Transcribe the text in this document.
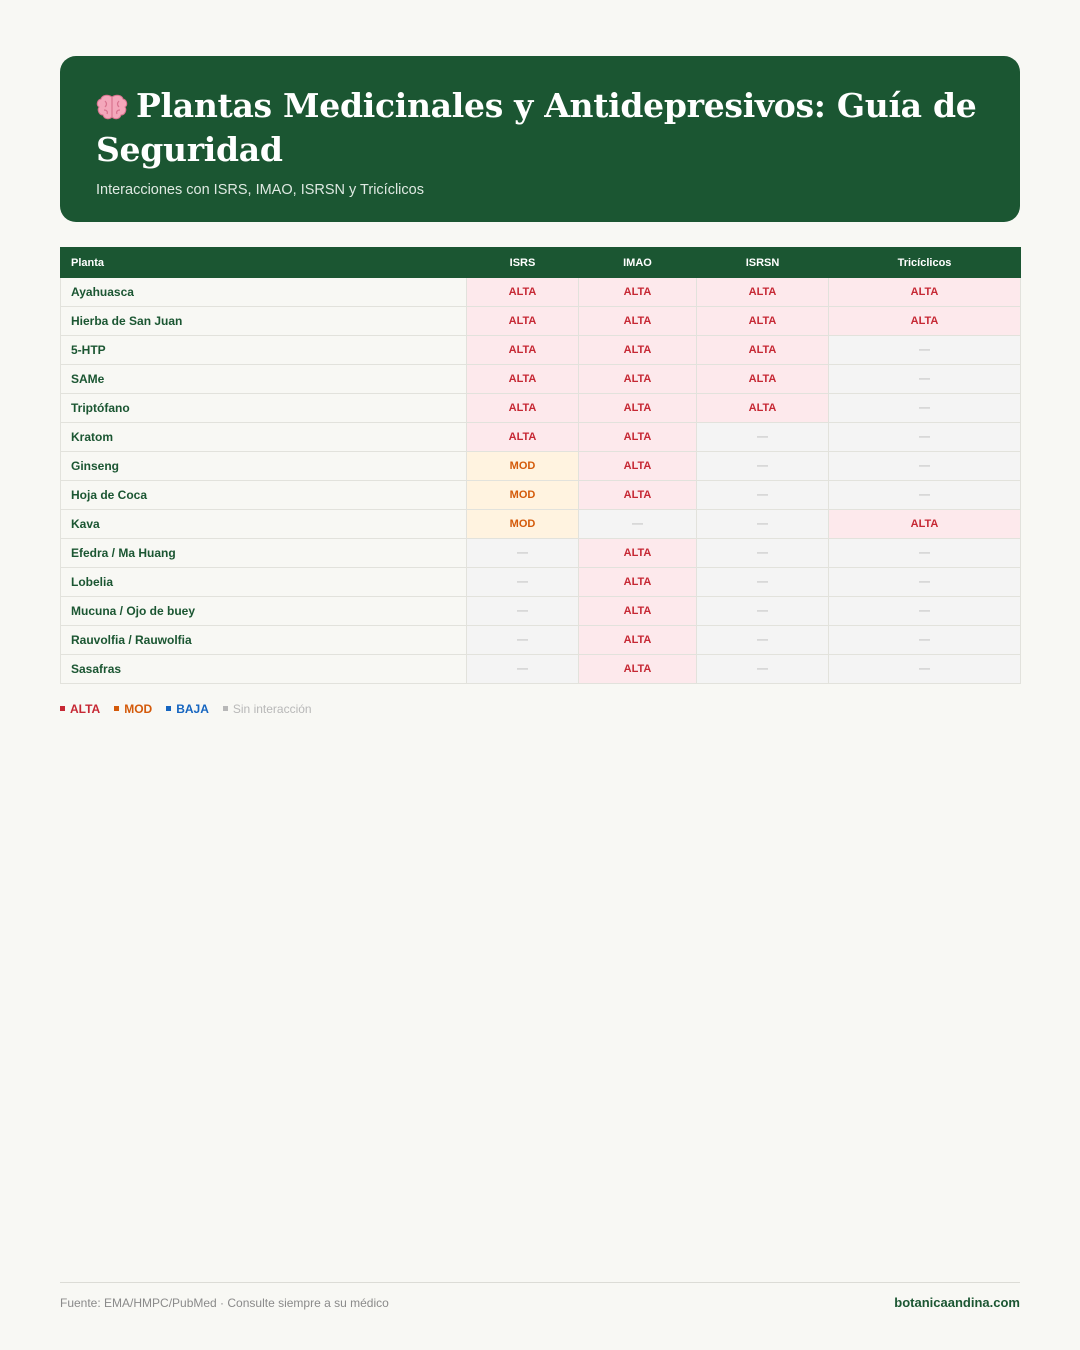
Plantas Medicinales y Antidepresivos: Guía de Seguridad
Interacciones con ISRS, IMAO, ISRSN y Tricíclicos
Planta	ISRS	IMAO	ISRSN	Tricíclicos
Ayahuasca	ALTA	ALTA	ALTA	ALTA
Hierba de San Juan	ALTA	ALTA	ALTA	ALTA
5-HTP	ALTA	ALTA	ALTA	—
SAMe	ALTA	ALTA	ALTA	—
Triptófano	ALTA	ALTA	ALTA	—
Kratom	ALTA	ALTA	—	—
Ginseng	MOD	ALTA	—	—
Hoja de Coca	MOD	ALTA	—	—
Kava	MOD	—	—	ALTA
Efedra / Ma Huang	—	ALTA	—	—
Lobelia	—	ALTA	—	—
Mucuna / Ojo de buey	—	ALTA	—	—
Rauvolfia / Rauwolfia	—	ALTA	—	—
Sasafras	—	ALTA	—	—
ALTA	MOD	BAJA	Sin interacción
Fuente: EMA/HMPC/PubMed · Consulte siempre a su médico	botanicaandina.com
